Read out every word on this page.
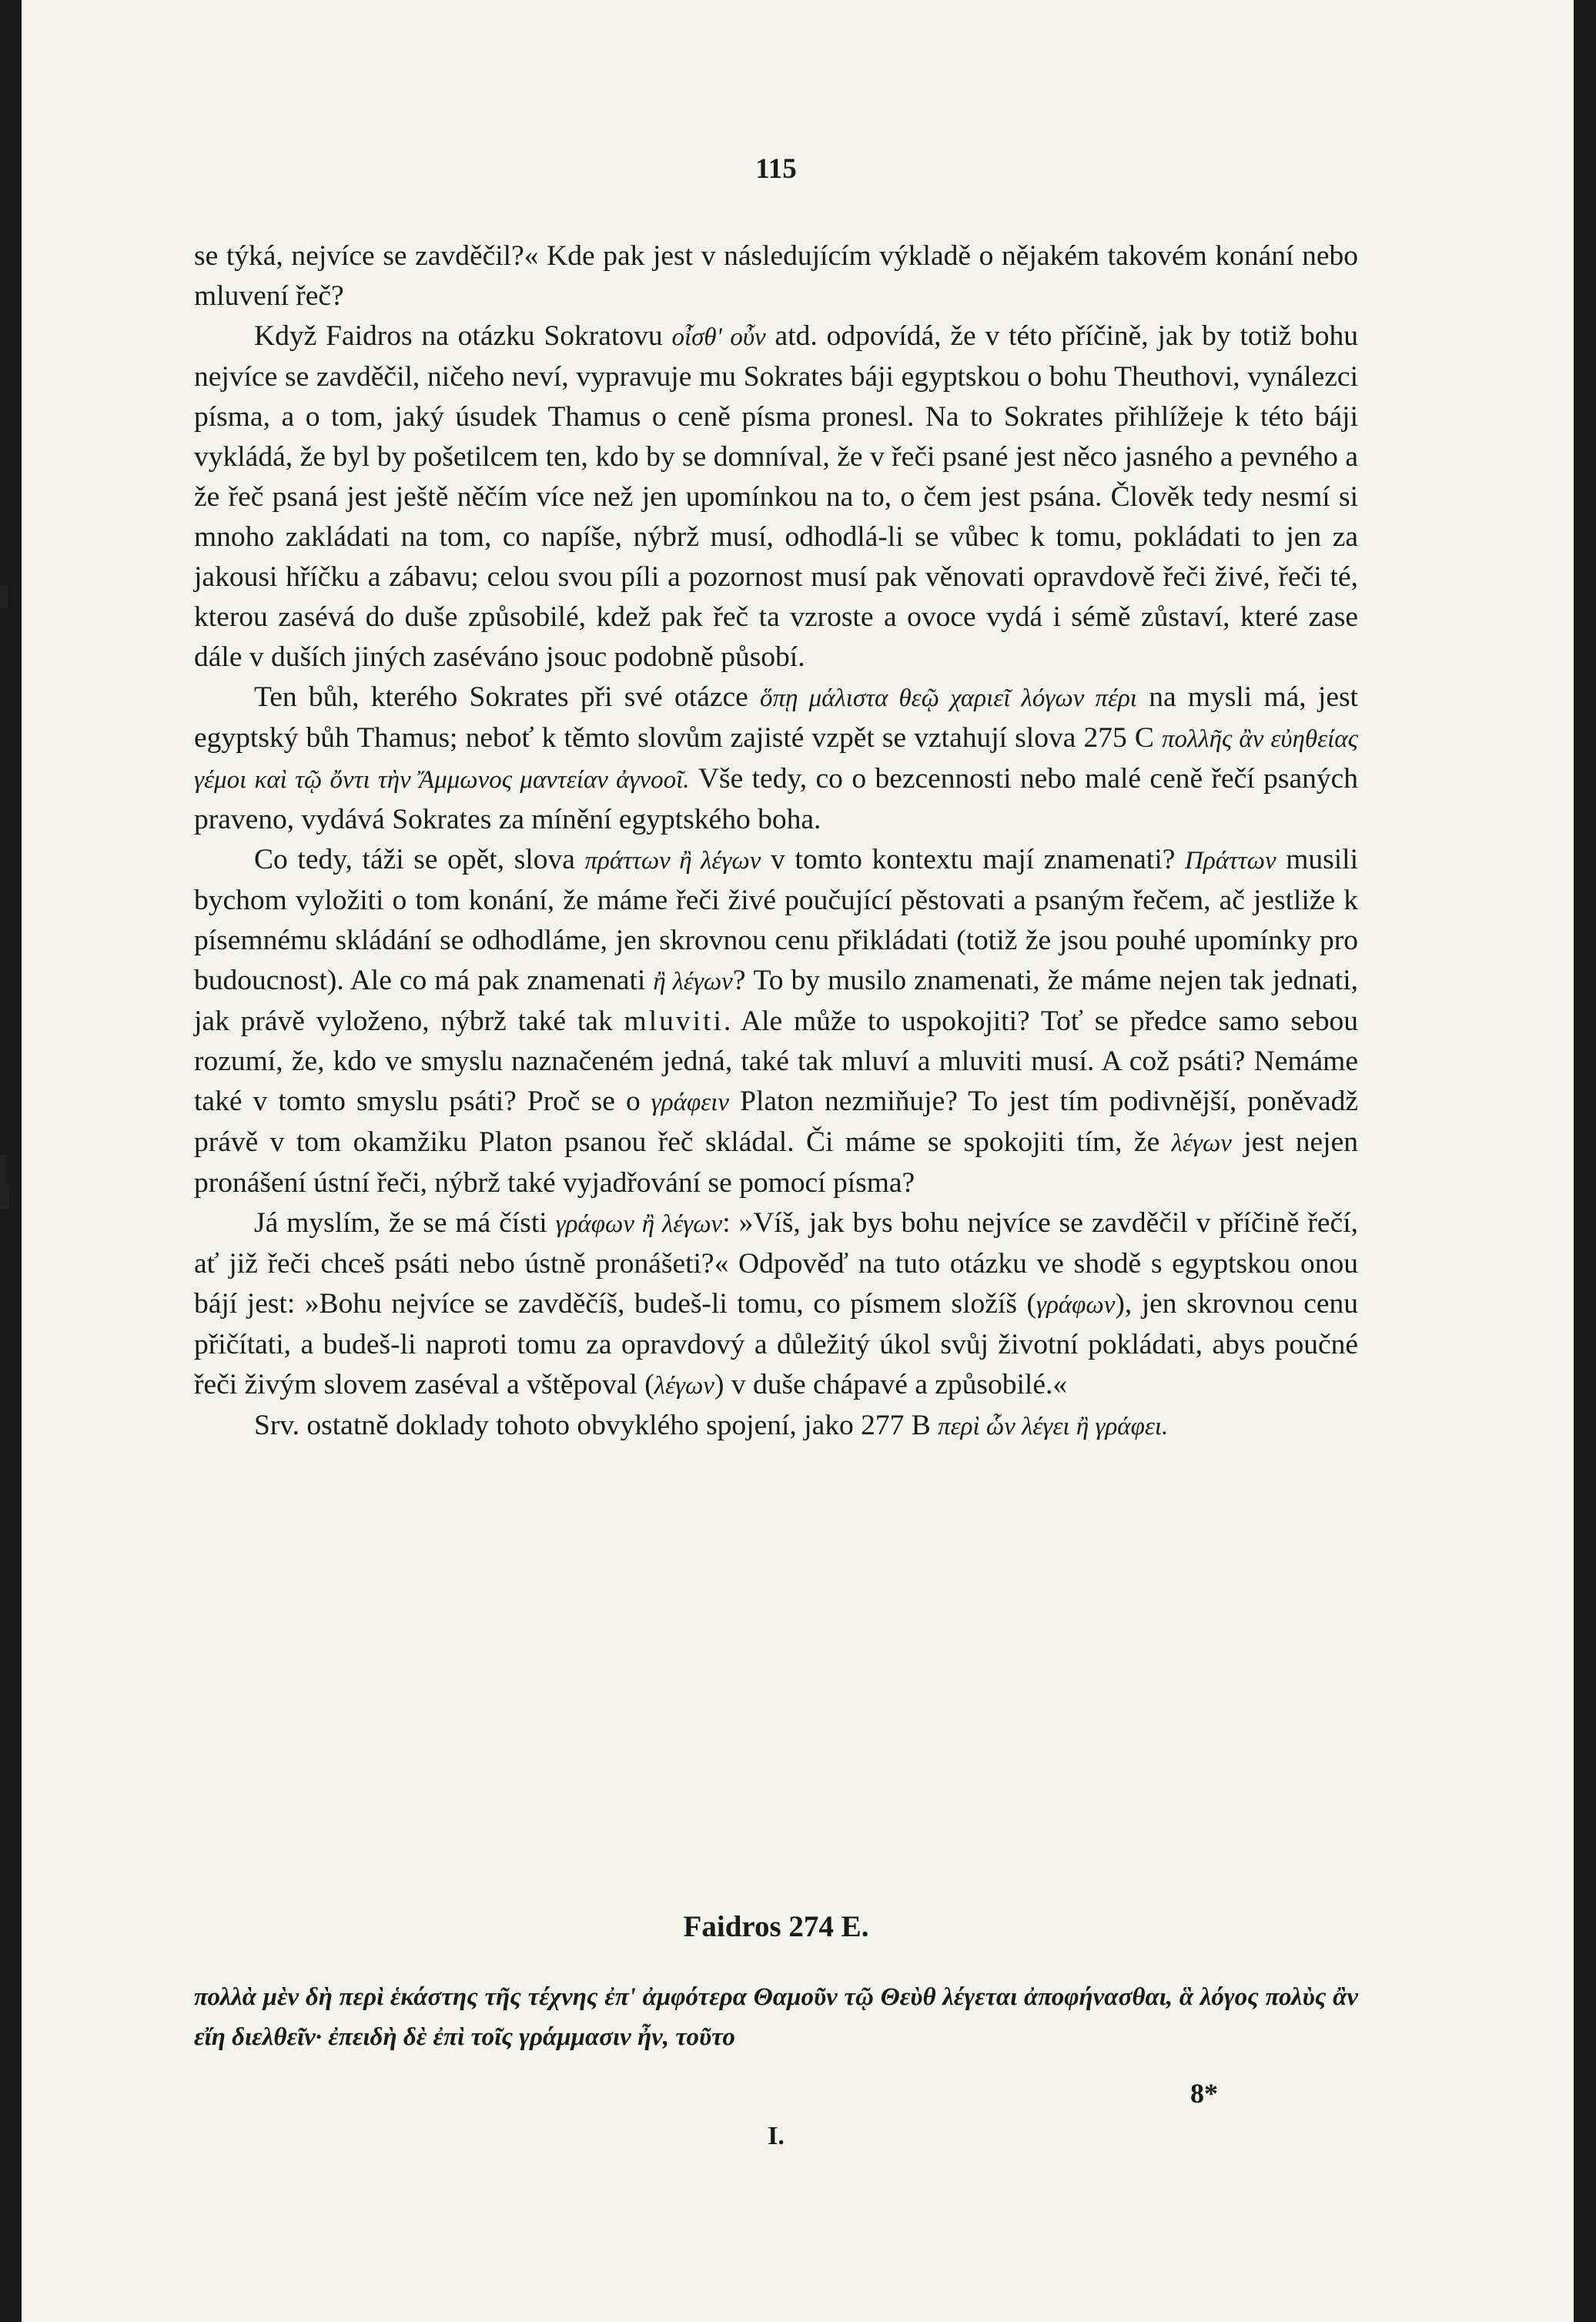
115

se týká, nejvíce se zavděčil?« Kde pak jest v následujícím výkladě o nějakém takovém konání nebo mluvení řeč?

Když Faidros na otázku Sokratovu οἶσθ' οὖν atd. odpovídá, že v této příčině, jak by totiž bohu nejvíce se zavděčil, ničeho neví, vypravuje mu Sokrates báji egyptskou o bohu Theuthovi, vynálezci písma, a o tom, jaký úsudek Thamus o ceně písma pronesl. Na to Sokrates přihlížeje k této báji vykládá, že byl by pošetilcem ten, kdo by se domníval, že v řeči psané jest něco jasného a pevného a že řeč psaná jest ještě něčím více než jen upomínkou na to, o čem jest psána. Člověk tedy nesmí si mnoho zakládati na tom, co napíše, nýbrž musí, odhodlá-li se vůbec k tomu, pokládati to jen za jakousi hříčku a zábavu; celou svou píli a pozornost musí pak věnovati opravdově řeči živé, řeči té, kterou zasévá do duše způsobilé, kdež pak řeč ta vzroste a ovoce vydá i sémě zůstaví, které zase dále v duších jiných zaséváno jsouc podobně působí.

Ten bůh, kterého Sokrates při své otázce ὅπῃ μάλιστα θεῷ χαριεῖ λόγων πέρι na mysli má, jest egyptský bůh Thamus; neboť k těmto slovům zajisté vzpět se vztahují slova 275 C πολλῆς ἂν εὐηθείας γέμοι καὶ τῷ ὄντι τὴν Ἄμμωνος μαντείαν ἀγνοοῖ. Vše tedy, co o bezcennosti nebo malé ceně řečí psaných praveno, vydává Sokrates za mínění egyptského boha.

Co tedy, táži se opět, slova πράττων ἢ λέγων v tomto kontextu mají znamenati? Πράττων musili bychom vyložiti o tom konání, že máme řeči živé poučující pěstovati a psaným řečem, ač jestliže k písemnému skládání se odhodláme, jen skrovnou cenu přikládati (totiž že jsou pouhé upomínky pro budoucnost). Ale co má pak znamenati ἢ λέγων? To by musilo znamenati, že máme nejen tak jednati, jak právě vyloženo, nýbrž také tak mluviti. Ale může to uspokojiti? Toť se předce samo sebou rozumí, že, kdo ve smyslu naznačeném jedná, také tak mluví a mluviti musí. A což psáti? Nemáme také v tomto smyslu psáti? Proč se o γράφειν Platon nezmiňuje? To jest tím podivnější, poněvadž právě v tom okamžiku Platon psanou řeč skládal. Či máme se spokojiti tím, že λέγων jest nejen pronášení ústní řeči, nýbrž také vyjadřování se pomocí písma?

Já myslím, že se má čísti γράφων ἢ λέγων: »Víš, jak bys bohu nejvíce se zavděčil v příčině řečí, ať již řeči chceš psáti nebo ústně pronášeti?« Odpověď na tuto otázku ve shodě s egyptskou onou bájí jest: »Bohu nejvíce se zavděčíš, budeš-li tomu, co písmem složíš (γράφων), jen skrovnou cenu přičítati, a budeš-li naproti tomu za opravdový a důležitý úkol svůj životní pokládati, abys poučné řeči živým slovem zaséval a vštěpoval (λέγων) v duše chápavé a způsobilé.«

Srv. ostatně doklady tohoto obvyklého spojení, jako 277 B περὶ ὧν λέγει ἢ γράφει.

Faidros 274 E.
πολλὰ μὲν δὴ περὶ ἑκάστης τῆς τέχνης ἐπ' ἀμφότερα Θαμοῦν τῷ Θεὺθ λέγεται ἀποφήνασθαι, ἃ λόγος πολὺς ἂν εἴη διελθεῖν· ἐπειδὴ δὲ ἐπὶ τοῖς γράμμασιν ἦν, τοῦτο
8*
I.
